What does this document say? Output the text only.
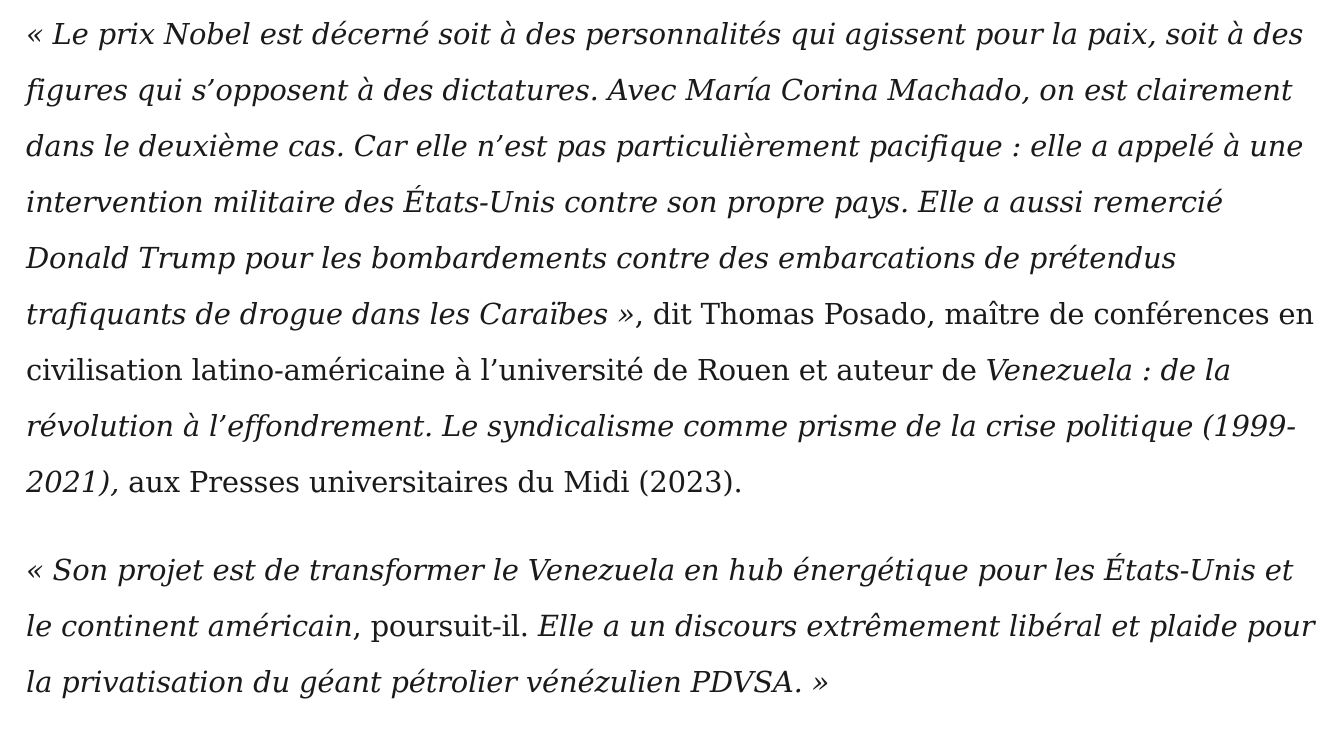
« Le prix Nobel est décerné soit à des personnalités qui agissent pour la paix, soit à des figures qui s’opposent à des dictatures. Avec María Corina Machado, on est clairement dans le deuxième cas. Car elle n’est pas particulièrement pacifique : elle a appelé à une intervention militaire des États-Unis contre son propre pays. Elle a aussi remercié Donald Trump pour les bombardements contre des embarcations de prétendus trafiquants de drogue dans les Caraïbes », dit Thomas Posado, maître de conférences en civilisation latino-américaine à l’université de Rouen et auteur de Venezuela : de la révolution à l’effondrement. Le syndicalisme comme prisme de la crise politique (1999-2021), aux Presses universitaires du Midi (2023).

« Son projet est de transformer le Venezuela en hub énergétique pour les États-Unis et le continent américain, poursuit-il. Elle a un discours extrêmement libéral et plaide pour la privatisation du géant pétrolier vénézulien PDVSA. »
